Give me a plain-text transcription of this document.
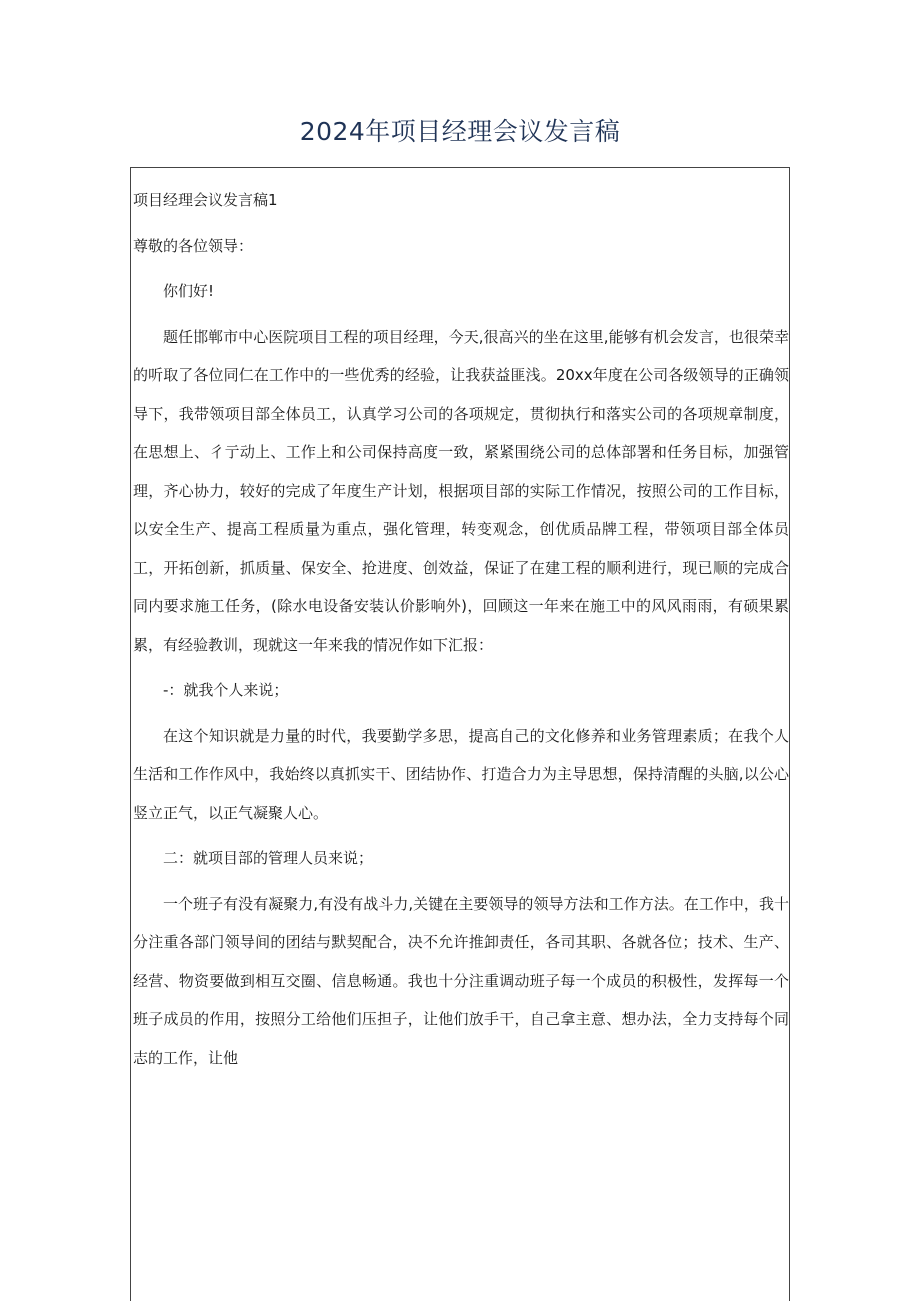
2024年项目经理会议发言稿

项目经理会议发言稿1

尊敬的各位领导：

你们好!

题任邯郸市中心医院项目工程的项目经理，今天,很高兴的坐在这里,能够有机会发言，也很荣幸的听取了各位同仁在工作中的一些优秀的经验，让我获益匪浅。20xx年度在公司各级领导的正确领导下，我带领项目部全体员工，认真学习公司的各项规定，贯彻执行和落实公司的各项规章制度，在思想上、彳亍动上、工作上和公司保持高度一致，紧紧围绕公司的总体部署和任务目标，加强管理，齐心协力，较好的完成了年度生产计划，根据项目部的实际工作情况，按照公司的工作目标，以安全生产、提高工程质量为重点，强化管理，转变观念，创优质品牌工程，带领项目部全体员工，开拓创新，抓质量、保安全、抢进度、创效益，保证了在建工程的顺利进行，现已顺的完成合同内要求施工任务，(除水电设备安装认价影响外)，回顾这一年来在施工中的风风雨雨，有硕果累累，有经验教训，现就这一年来我的情况作如下汇报：

-：就我个人来说；

在这个知识就是力量的时代，我要勤学多思，提高自己的文化修养和业务管理素质；在我个人生活和工作作风中，我始终以真抓实干、团结协作、打造合力为主导思想，保持清醒的头脑,以公心竖立正气，以正气凝聚人心。

二：就项目部的管理人员来说；

一个班子有没有凝聚力,有没有战斗力,关键在主要领导的领导方法和工作方法。在工作中，我十分注重各部门领导间的团结与默契配合，决不允许推卸责任，各司其职、各就各位；技术、生产、经营、物资要做到相互交圈、信息畅通。我也十分注重调动班子每一个成员的积极性，发挥每一个班子成员的作用，按照分工给他们压担子，让他们放手干，自己拿主意、想办法，全力支持每个同志的工作，让他
